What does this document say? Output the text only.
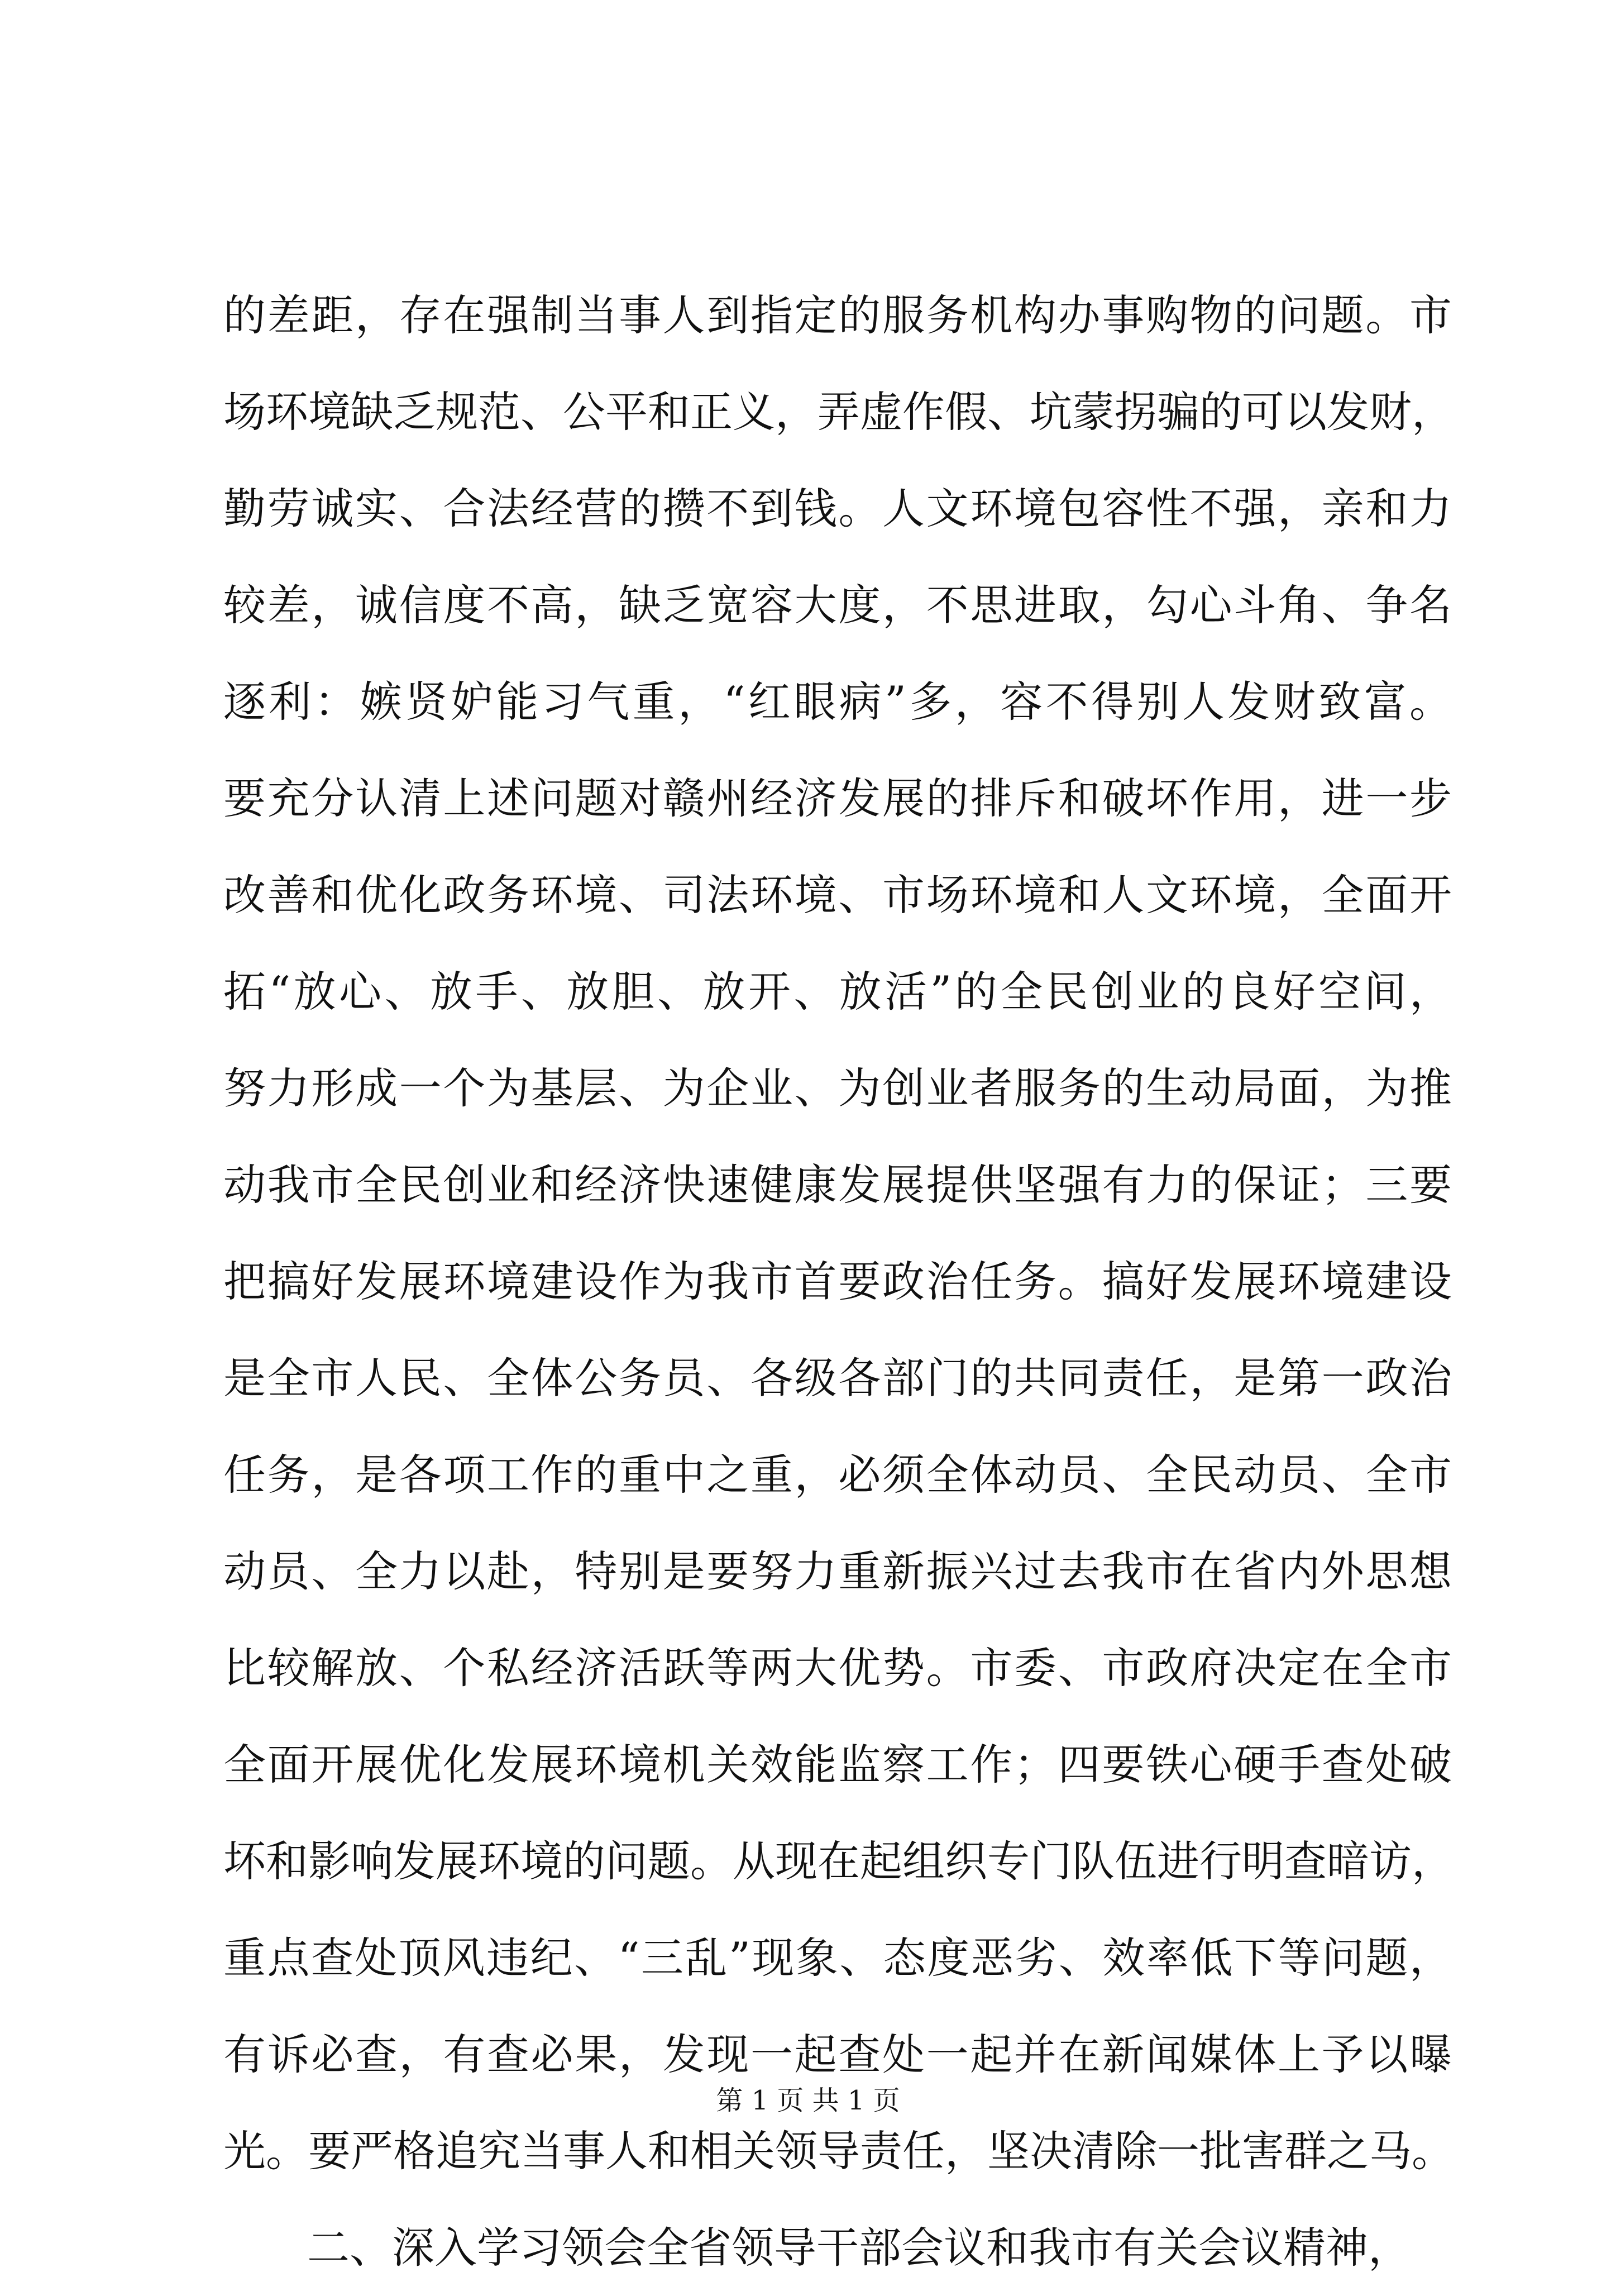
的差距，存在强制当事人到指定的服务机构办事购物的问题。市
场环境缺乏规范、公平和正义，弄虚作假、坑蒙拐骗的可以发财，
勤劳诚实、合法经营的攒不到钱。人文环境包容性不强，亲和力
较差，诚信度不高，缺乏宽容大度，不思进取，勾心斗角、争名
逐利：嫉贤妒能习气重，“红眼病”多，容不得别人发财致富。
要充分认清上述问题对赣州经济发展的排斥和破坏作用，进一步
改善和优化政务环境、司法环境、市场环境和人文环境，全面开
拓“放心、放手、放胆、放开、放活”的全民创业的良好空间，
努力形成一个为基层、为企业、为创业者服务的生动局面，为推
动我市全民创业和经济快速健康发展提供坚强有力的保证；三要
把搞好发展环境建设作为我市首要政治任务。搞好发展环境建设
是全市人民、全体公务员、各级各部门的共同责任，是第一政治
任务，是各项工作的重中之重，必须全体动员、全民动员、全市
动员、全力以赴，特别是要努力重新振兴过去我市在省内外思想
比较解放、个私经济活跃等两大优势。市委、市政府决定在全市
全面开展优化发展环境机关效能监察工作；四要铁心硬手查处破
坏和影响发展环境的问题。从现在起组织专门队伍进行明查暗访，
重点查处顶风违纪、“三乱”现象、态度恶劣、效率低下等问题，
有诉必查，有查必果，发现一起查处一起并在新闻媒体上予以曝
光。要严格追究当事人和相关领导责任，坚决清除一批害群之马。
二、深入学习领会全省领导干部会议和我市有关会议精神，
第 1 页 共 1 页
